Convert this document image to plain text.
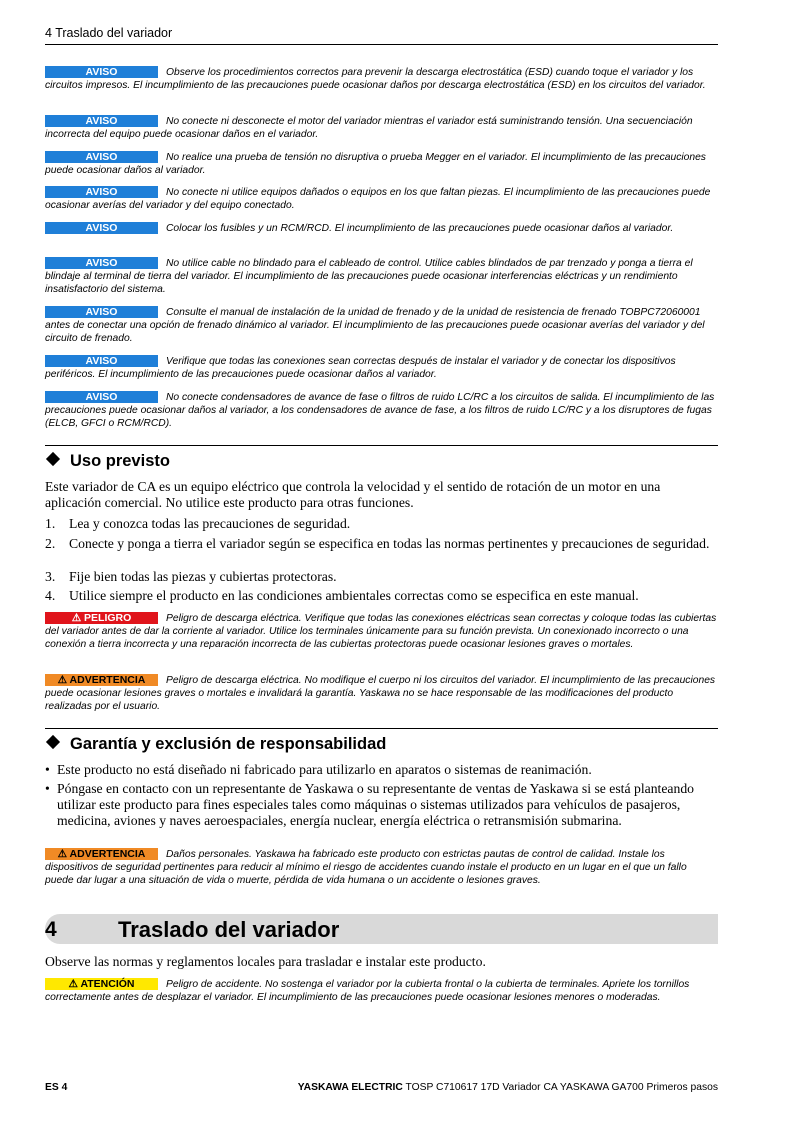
4 Traslado del variador
AVISO	Observe los procedimientos correctos para prevenir la descarga electrostática (ESD) cuando toque el variador y los circuitos impresos. El incumplimiento de las precauciones puede ocasionar daños por descarga electrostática (ESD) en los circuitos del variador.
AVISO	No conecte ni desconecte el motor del variador mientras el variador está suministrando tensión. Una secuenciación incorrecta del equipo puede ocasionar daños en el variador.
AVISO	No realice una prueba de tensión no disruptiva o prueba Megger en el variador. El incumplimiento de las precauciones puede ocasionar daños al variador.
AVISO	No conecte ni utilice equipos dañados o equipos en los que faltan piezas. El incumplimiento de las precauciones puede ocasionar averías del variador y del equipo conectado.
AVISO	Colocar los fusibles y un RCM/RCD. El incumplimiento de las precauciones puede ocasionar daños al variador.
AVISO	No utilice cable no blindado para el cableado de control. Utilice cables blindados de par trenzado y ponga a tierra el blindaje al terminal de tierra del variador. El incumplimiento de las precauciones puede ocasionar interferencias eléctricas y un rendimiento insatisfactorio del sistema.
AVISO	Consulte el manual de instalación de la unidad de frenado y de la unidad de resistencia de frenado TOBPC72060001 antes de conectar una opción de frenado dinámico al variador. El incumplimiento de las precauciones puede ocasionar averías del variador y del circuito de frenado.
AVISO	Verifique que todas las conexiones sean correctas después de instalar el variador y de conectar los dispositivos periféricos. El incumplimiento de las precauciones puede ocasionar daños al variador.
AVISO	No conecte condensadores de avance de fase o filtros de ruido LC/RC a los circuitos de salida. El incumplimiento de las precauciones puede ocasionar daños al variador, a los condensadores de avance de fase, a los filtros de ruido LC/RC y a los disruptores de fugas (ELCB, GFCI o RCM/RCD).
Uso previsto
Este variador de CA es un equipo eléctrico que controla la velocidad y el sentido de rotación de un motor en una aplicación comercial. No utilice este producto para otras funciones.
1. Lea y conozca todas las precauciones de seguridad.
2. Conecte y ponga a tierra el variador según se especifica en todas las normas pertinentes y precauciones de seguridad.
3. Fije bien todas las piezas y cubiertas protectoras.
4. Utilice siempre el producto en las condiciones ambientales correctas como se especifica en este manual.
⚠ PELIGRO	Peligro de descarga eléctrica. Verifique que todas las conexiones eléctricas sean correctas y coloque todas las cubiertas del variador antes de dar la corriente al variador. Utilice los terminales únicamente para su función prevista. Un conexionado incorrecto o una conexión a tierra incorrecta y una reparación incorrecta de las cubiertas protectoras puede ocasionar lesiones graves o mortales.
⚠ ADVERTENCIA Peligro de descarga eléctrica. No modifique el cuerpo ni los circuitos del variador. El incumplimiento de las precauciones puede ocasionar lesiones graves o mortales e invalidará la garantía. Yaskawa no se hace responsable de las modificaciones del producto realizadas por el usuario.
Garantía y exclusión de responsabilidad
• Este producto no está diseñado ni fabricado para utilizarlo en aparatos o sistemas de reanimación.
• Póngase en contacto con un representante de Yaskawa o su representante de ventas de Yaskawa si se está planteando utilizar este producto para fines especiales tales como máquinas o sistemas utilizados para vehículos de pasajeros, medicina, aviones y naves aeroespaciales, energía nuclear, energía eléctrica o retransmisión submarina.
⚠ ADVERTENCIA Daños personales. Yaskawa ha fabricado este producto con estrictas pautas de control de calidad. Instale los dispositivos de seguridad pertinentes para reducir al mínimo el riesgo de accidentes cuando instale el producto en un lugar en el que un fallo puede dar lugar a una situación de vida o muerte, pérdida de vida humana o un accidente o lesiones graves.
4	Traslado del variador
Observe las normas y reglamentos locales para trasladar e instalar este producto.
⚠ ATENCIÓN	Peligro de accidente. No sostenga el variador por la cubierta frontal o la cubierta de terminales. Apriete los tornillos correctamente antes de desplazar el variador. El incumplimiento de las precauciones puede ocasionar lesiones menores o moderadas.
ES 4	YASKAWA ELECTRIC TOSP C710617 17D Variador CA YASKAWA GA700 Primeros pasos
